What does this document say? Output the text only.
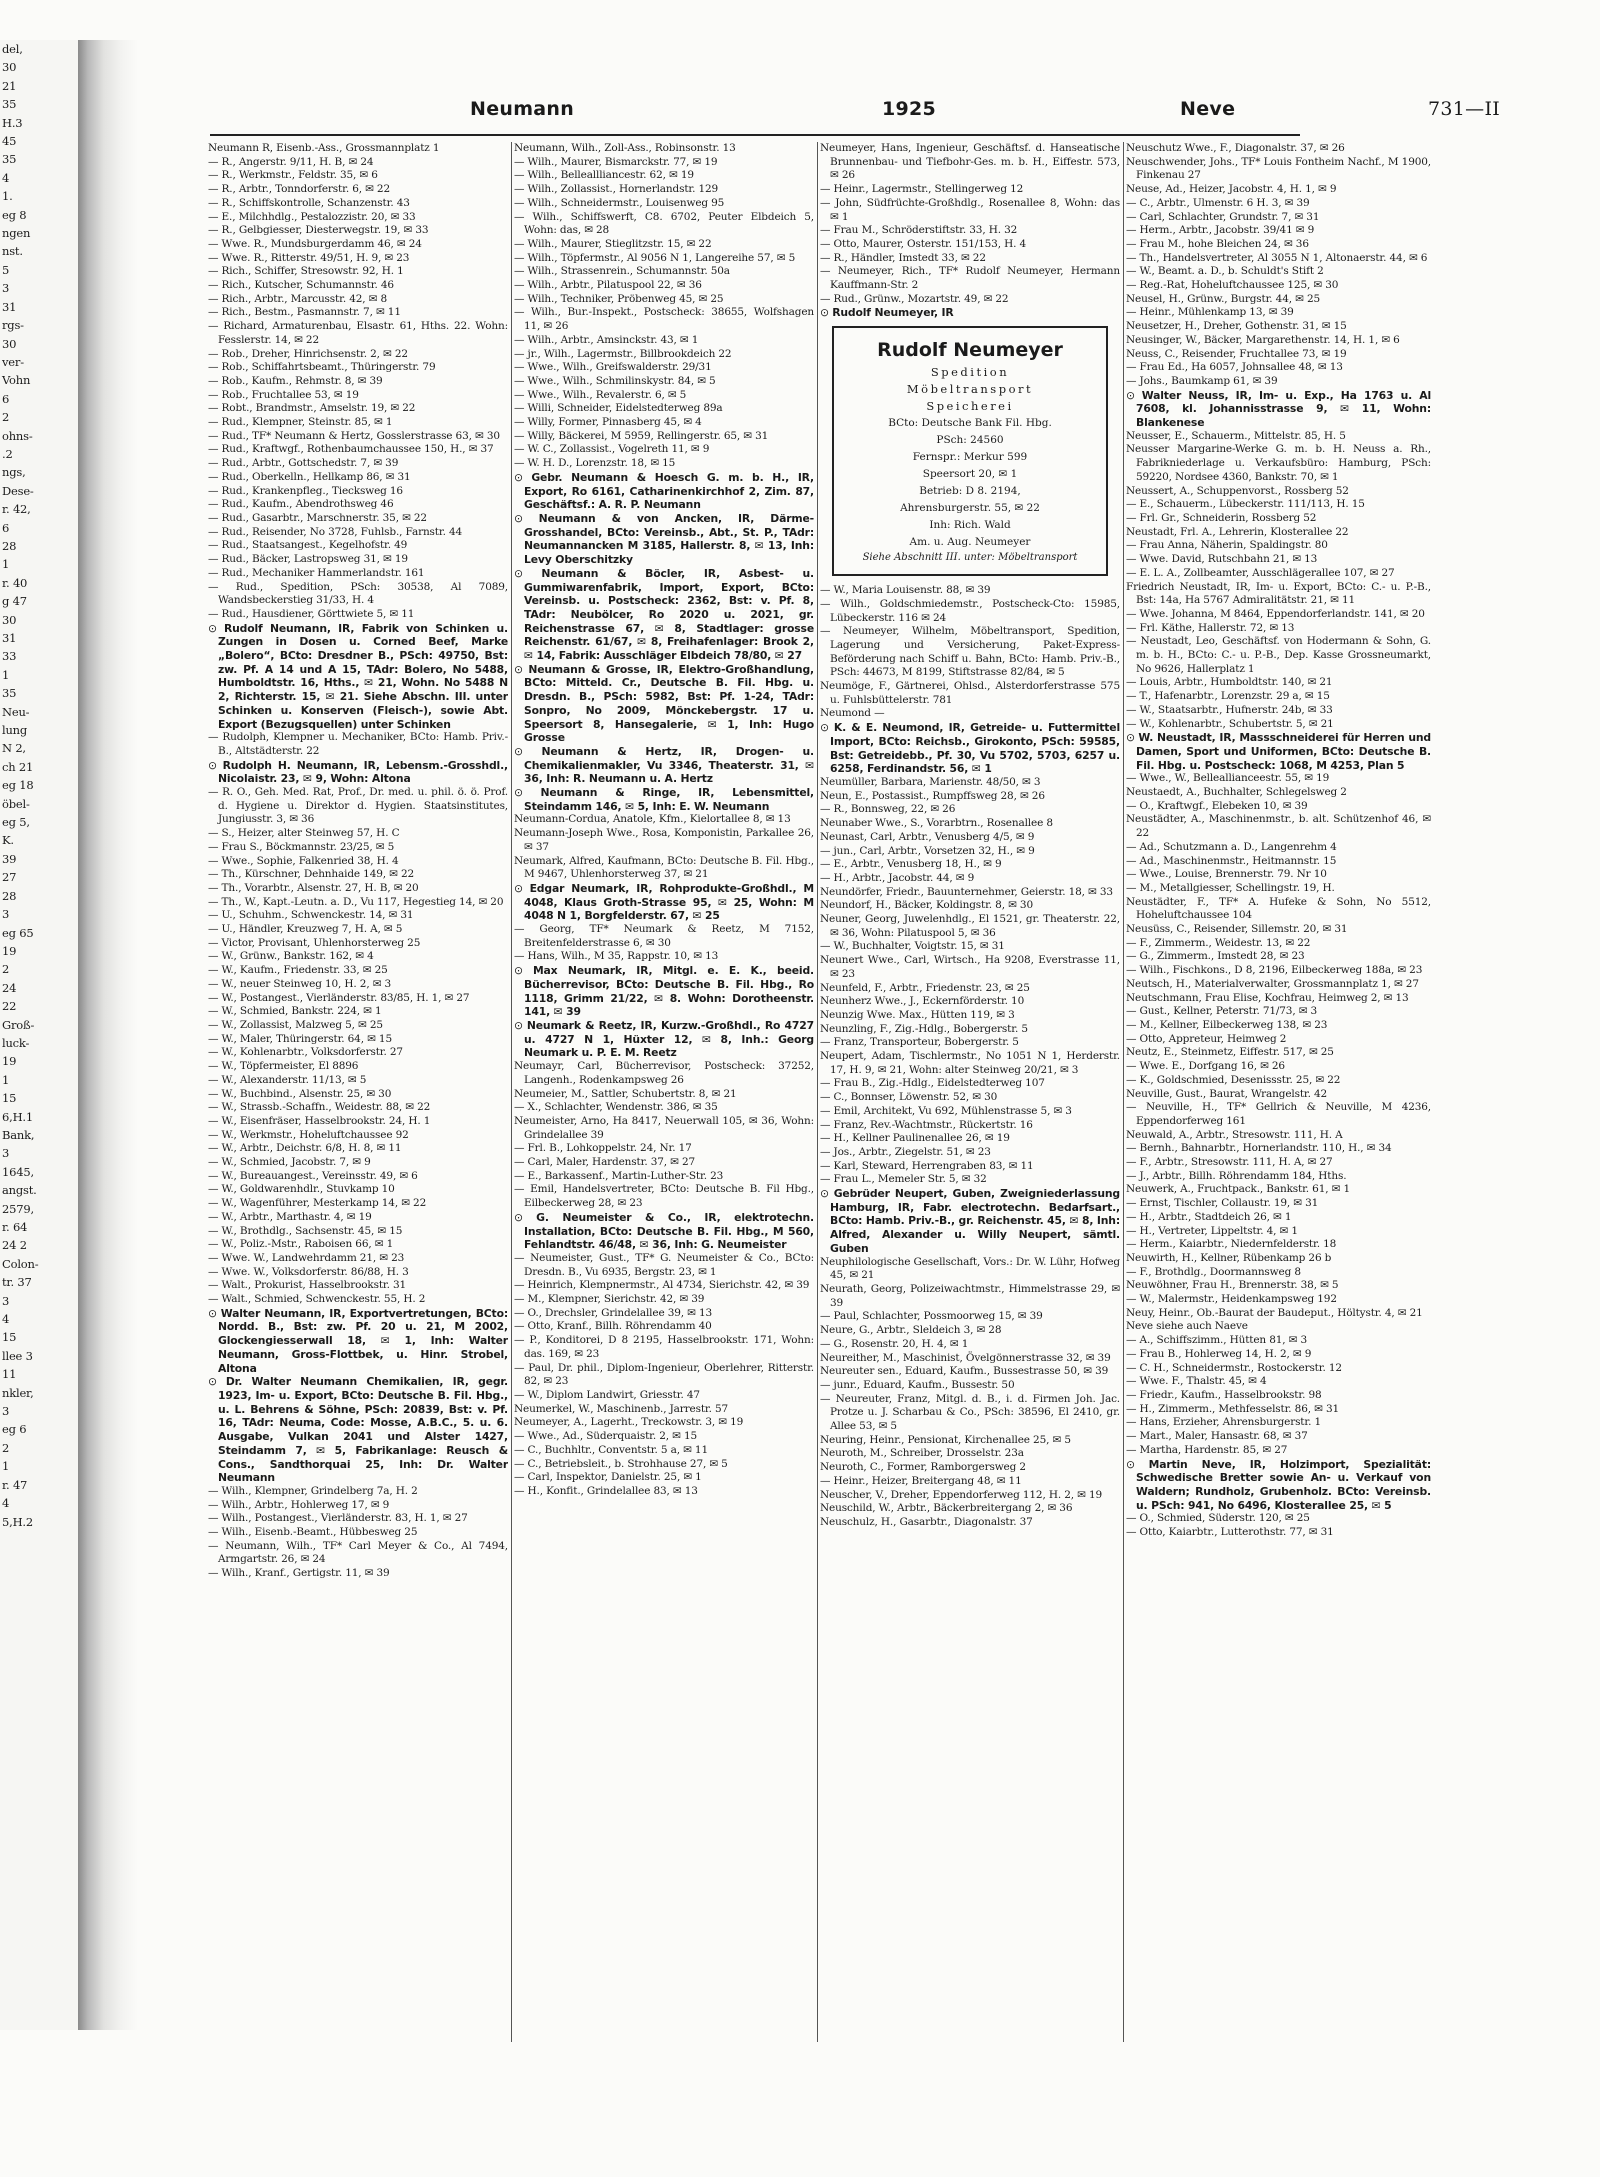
del,
30
21
35
H.3
45
35
4
1.
eg 8
ngen
nst.
5
3
31
rgs-
30
ver-
Vohn
6
2
ohns-
.2
ngs,
Dese-
r. 42,
6
28
1
r. 40
g 47
30
31
33
1
35
Neu-
lung
N 2,
ch 21
eg 18
öbel-
eg 5,
K.
39
27
28
3
eg 65
19
2
24
22
Groß-
luck-
19
1
15
6,H.1
Bank,
3
1645,
angst.
2579,
r. 64
24 2
Colon-
tr. 37
3
4
15
llee 3
11
nkler,
3
eg 6
2
1
r. 47
4
5,H.2
Neumann	1925	Neve	731—II

Neumann R, Eisenb.-Ass., Grossmannplatz 1

— R., Angerstr. 9/11, H. B, ✉ 24

— R., Werkmstr., Feldstr. 35, ✉ 6

— R., Arbtr., Tonndorferstr. 6, ✉ 22

— R., Schiffskontrolle, Schanzenstr. 43

— E., Milchhdlg., Pestalozzistr. 20, ✉ 33

— R., Gelbgiesser, Diesterwegstr. 19, ✉ 33

— Wwe. R., Mundsburgerdamm 46, ✉ 24

— Wwe. R., Ritterstr. 49/51, H. 9, ✉ 23

— Rich., Schiffer, Stresowstr. 92, H. 1

— Rich., Kutscher, Schumannstr. 46

— Rich., Arbtr., Marcusstr. 42, ✉ 8

— Rich., Bestm., Pasmannstr. 7, ✉ 11

— Richard, Armaturenbau, Elsastr. 61, Hths. 22. Wohn: Fesslerstr. 14, ✉ 22

— Rob., Dreher, Hinrichsenstr. 2, ✉ 22

— Rob., Schiffahrtsbeamt., Thüringerstr. 79

— Rob., Kaufm., Rehmstr. 8, ✉ 39

— Rob., Fruchtallee 53, ✉ 19

— Robt., Brandmstr., Amselstr. 19, ✉ 22

— Rud., Klempner, Steinstr. 85, ✉ 1

— Rud., TF* Neumann & Hertz, Gosslerstrasse 63, ✉ 30

— Rud., Kraftwgf., Rothenbaumchaussee 150, H., ✉ 37

— Rud., Arbtr., Gottschedstr. 7, ✉ 39

— Rud., Oberkelln., Hellkamp 86, ✉ 31

— Rud., Krankenpfleg., Tiecksweg 16

— Rud., Kaufm., Abendrothsweg 46

— Rud., Gasarbtr., Marschnerstr. 35, ✉ 22

— Rud., Reisender, No 3728, Fuhlsb., Farnstr. 44

— Rud., Staatsangest., Kegelhofstr. 49

— Rud., Bäcker, Lastropsweg 31, ✉ 19

— Rud., Mechaniker Hammerlandstr. 161

— Rud., Spedition, PSch: 30538, Al 7089, Wandsbeckerstieg 31/33, H. 4

— Rud., Hausdiener, Görttwiete 5, ✉ 11

⊙ Rudolf Neumann, IR, Fabrik von Schinken u. Zungen in Dosen u. Corned Beef, Marke „Bolero“, BCto: Dresdner B., PSch: 49750, Bst: zw. Pf. A 14 und A 15, TAdr: Bolero, No 5488, Humboldtstr. 16, Hths., ✉ 21, Wohn. No 5488 N 2, Richterstr. 15, ✉ 21. Siehe Abschn. III. unter Schinken u. Konserven (Fleisch-), sowie Abt. Export (Bezugsquellen) unter Schinken

— Rudolph, Klempner u. Mechaniker, BCto: Hamb. Priv.-B., Altstädterstr. 22

⊙ Rudolph H. Neumann, IR, Lebensm.-Grosshdl., Nicolaistr. 23, ✉ 9, Wohn: Altona

— R. O., Geh. Med. Rat, Prof., Dr. med. u. phil. ö. ö. Prof. d. Hygiene u. Direktor d. Hygien. Staatsinstitutes, Jungiusstr. 3, ✉ 36

— S., Heizer, alter Steinweg 57, H. C

— Frau S., Böckmannstr. 23/25, ✉ 5

— Wwe., Sophie, Falkenried 38, H. 4

— Th., Kürschner, Dehnhaide 149, ✉ 22

— Th., Vorarbtr., Alsenstr. 27, H. B, ✉ 20

— Th., W., Kapt.-Leutn. a. D., Vu 117, Hegestieg 14, ✉ 20

— U., Schuhm., Schwenckestr. 14, ✉ 31

— U., Händler, Kreuzweg 7, H. A, ✉ 5

— Victor, Provisant, Uhlenhorsterweg 25

— W., Grünw., Bankstr. 162, ✉ 4

— W., Kaufm., Friedenstr. 33, ✉ 25

— W., neuer Steinweg 10, H. 2, ✉ 3

— W., Postangest., Vierländerstr. 83/85, H. 1, ✉ 27

— W., Schmied, Bankstr. 224, ✉ 1

— W., Zollassist, Malzweg 5, ✉ 25

— W., Maler, Thüringerstr. 64, ✉ 15

— W., Kohlenarbtr., Volksdorferstr. 27

— W., Töpfermeister, El 8896

— W., Alexanderstr. 11/13, ✉ 5

— W., Buchbind., Alsenstr. 25, ✉ 30

— W., Strassb.-Schaffn., Weidestr. 88, ✉ 22

— W., Eisenfräser, Hasselbrookstr. 24, H. 1

— W., Werkmstr., Hoheluftchaussee 92

— W., Arbtr., Deichstr. 6/8, H. 8, ✉ 11

— W., Schmied, Jacobstr. 7, ✉ 9

— W., Bureauangest., Vereinsstr. 49, ✉ 6

— W., Goldwarenhdlr., Stuvkamp 10

— W., Wagenführer, Mesterkamp 14, ✉ 22

— W., Arbtr., Marthastr. 4, ✉ 19

— W., Brothdlg., Sachsenstr. 45, ✉ 15

— W., Poliz.-Mstr., Raboisen 66, ✉ 1

— Wwe. W., Landwehrdamm 21, ✉ 23

— Wwe. W., Volksdorferstr. 86/88, H. 3

— Walt., Prokurist, Hasselbrookstr. 31

— Walt., Schmied, Schwenckestr. 55, H. 2

⊙ Walter Neumann, IR, Exportvertretungen, BCto: Nordd. B., Bst: zw. Pf. 20 u. 21, M 2002, Glockengiesserwall 18, ✉ 1, Inh: Walter Neumann, Gross-Flottbek, u. Hinr. Strobel, Altona

⊙ Dr. Walter Neumann Chemikalien, IR, gegr. 1923, Im- u. Export, BCto: Deutsche B. Fil. Hbg., u. L. Behrens & Söhne, PSch: 20839, Bst: v. Pf. 16, TAdr: Neuma, Code: Mosse, A.B.C., 5. u. 6. Ausgabe, Vulkan 2041 und Alster 1427, Steindamm 7, ✉ 5, Fabrikanlage: Reusch & Cons., Sandthorquai 25, Inh: Dr. Walter Neumann

— Wilh., Klempner, Grindelberg 7a, H. 2

— Wilh., Arbtr., Hohlerweg 17, ✉ 9

— Wilh., Postangest., Vierländerstr. 83, H. 1, ✉ 27

— Wilh., Eisenb.-Beamt., Hübbesweg 25

— Neumann, Wilh., TF* Carl Meyer & Co., Al 7494, Armgartstr. 26, ✉ 24

— Wilh., Kranf., Gertigstr. 11, ✉ 39

Neumann, Wilh., Zoll-Ass., Robinsonstr. 13

— Wilh., Maurer, Bismarckstr. 77, ✉ 19

— Wilh., Belleallliancestr. 62, ✉ 19

— Wilh., Zollassist., Hornerlandstr. 129

— Wilh., Schneidermstr., Louisenweg 95

— Wilh., Schiffswerft, C8. 6702, Peuter Elbdeich 5, Wohn: das, ✉ 28

— Wilh., Maurer, Stieglitzstr. 15, ✉ 22

— Wilh., Töpfermstr., Al 9056 N 1, Langereihe 57, ✉ 5

— Wilh., Strassenrein., Schumannstr. 50a

— Wilh., Arbtr., Pilatuspool 22, ✉ 36

— Wilh., Techniker, Pröbenweg 45, ✉ 25

— Wilh., Bur.-Inspekt., Postscheck: 38655, Wolfshagen 11, ✉ 26

— Wilh., Arbtr., Amsinckstr. 43, ✉ 1

— jr., Wilh., Lagermstr., Billbrookdeich 22

— Wwe., Wilh., Greifswalderstr. 29/31

— Wwe., Wilh., Schmilinskystr. 84, ✉ 5

— Wwe., Wilh., Revalerstr. 6, ✉ 5

— Willi, Schneider, Eidelstedterweg 89a

— Willy, Former, Pinnasberg 45, ✉ 4

— Willy, Bäckerei, M 5959, Rellingerstr. 65, ✉ 31

— W. C., Zollassist., Vogelreth 11, ✉ 9

— W. H. D., Lorenzstr. 18, ✉ 15

⊙ Gebr. Neumann & Hoesch G. m. b. H., IR, Export, Ro 6161, Catharinenkirchhof 2, Zim. 87, Geschäftsf.: A. R. P. Neumann

⊙ Neumann & von Ancken, IR, Därme-Grosshandel, BCto: Vereinsb., Abt., St. P., TAdr: Neumannancken M 3185, Hallerstr. 8, ✉ 13, Inh: Levy Oberschitzky

⊙ Neumann & Böcler, IR, Asbest- u. Gummiwarenfabrik, Import, Export, BCto: Vereinsb. u. Postscheck: 2362, Bst: v. Pf. 8, TAdr: Neubölcer, Ro 2020 u. 2021, gr. Reichenstrasse 67, ✉ 8, Stadtlager: grosse Reichenstr. 61/67, ✉ 8, Freihafenlager: Brook 2, ✉ 14, Fabrik: Ausschläger Elbdeich 78/80, ✉ 27

⊙ Neumann & Grosse, IR, Elektro-Großhandlung, BCto: Mitteld. Cr., Deutsche B. Fil. Hbg. u. Dresdn. B., PSch: 5982, Bst: Pf. 1-24, TAdr: Sonpro, No 2009, Mönckebergstr. 17 u. Speersort 8, Hansegalerie, ✉ 1, Inh: Hugo Grosse

⊙ Neumann & Hertz, IR, Drogen- u. Chemikalienmakler, Vu 3346, Theaterstr. 31, ✉ 36, Inh: R. Neumann u. A. Hertz

⊙ Neumann & Ringe, IR, Lebensmittel, Steindamm 146, ✉ 5, Inh: E. W. Neumann

Neumann-Cordua, Anatole, Kfm., Kielortallee 8, ✉ 13

Neumann-Joseph Wwe., Rosa, Komponistin, Parkallee 26, ✉ 37

Neumark, Alfred, Kaufmann, BCto: Deutsche B. Fil. Hbg., M 9467, Uhlenhorsterweg 37, ✉ 21

⊙ Edgar Neumark, IR, Rohprodukte-Großhdl., M 4048, Klaus Groth-Strasse 95, ✉ 25, Wohn: M 4048 N 1, Borgfelderstr. 67, ✉ 25

— Georg, TF* Neumark & Reetz, M 7152, Breitenfelderstrasse 6, ✉ 30

— Hans, Wilh., M 35, Rappstr. 10, ✉ 13

⊙ Max Neumark, IR, Mitgl. e. E. K., beeid. Bücherrevisor, BCto: Deutsche B. Fil. Hbg., Ro 1118, Grimm 21/22, ✉ 8. Wohn: Dorotheenstr. 141, ✉ 39

⊙ Neumark & Reetz, IR, Kurzw.-Großhdl., Ro 4727 u. 4727 N 1, Hüxter 12, ✉ 8, Inh.: Georg Neumark u. P. E. M. Reetz

Neumayr, Carl, Bücherrevisor, Postscheck: 37252, Langenh., Rodenkampsweg 26

Neumeier, M., Sattler, Schubertstr. 8, ✉ 21

— X., Schlachter, Wendenstr. 386, ✉ 35

Neumeister, Arno, Ha 8417, Neuerwall 105, ✉ 36, Wohn: Grindelallee 39

— Frl. B., Lohkoppelstr. 24, Nr. 17

— Carl, Maler, Hardenstr. 37, ✉ 27

— E., Barkassenf., Martin-Luther-Str. 23

— Emil, Handelsvertreter, BCto: Deutsche B. Fil Hbg., Eilbeckerweg 28, ✉ 23

⊙ G. Neumeister & Co., IR, elektrotechn. Installation, BCto: Deutsche B. Fil. Hbg., M 560, Fehlandtstr. 46/48, ✉ 36, Inh: G. Neumeister

— Neumeister, Gust., TF* G. Neumeister & Co., BCto: Dresdn. B., Vu 6935, Bergstr. 23, ✉ 1

— Heinrich, Klempnermstr., Al 4734, Sierichstr. 42, ✉ 39

— M., Klempner, Sierichstr. 42, ✉ 39

— O., Drechsler, Grindelallee 39, ✉ 13

— Otto, Kranf., Billh. Röhrendamm 40

— P., Konditorei, D 8 2195, Hasselbrookstr. 171, Wohn: das. 169, ✉ 23

— Paul, Dr. phil., Diplom-Ingenieur, Oberlehrer, Ritterstr. 82, ✉ 23

— W., Diplom Landwirt, Griesstr. 47

Neumerkel, W., Maschinenb., Jarrestr. 57

Neumeyer, A., Lagerht., Treckowstr. 3, ✉ 19

— Wwe., Ad., Süderquaistr. 2, ✉ 15

— C., Buchhltr., Conventstr. 5 a, ✉ 11

— C., Betriebsleit., b. Strohhause 27, ✉ 5

— Carl, Inspektor, Danielstr. 25, ✉ 1

— H., Konfit., Grindelallee 83, ✉ 13

Neumeyer, Hans, Ingenieur, Geschäftsf. d. Hanseatische Brunnenbau- und Tiefbohr-Ges. m. b. H., Eiffestr. 573, ✉ 26

— Heinr., Lagermstr., Stellingerweg 12

— John, Südfrüchte-Großhdlg., Rosenallee 8, Wohn: das ✉ 1

— Frau M., Schröderstiftstr. 33, H. 32

— Otto, Maurer, Osterstr. 151/153, H. 4

— R., Händler, Imstedt 33, ✉ 22

— Neumeyer, Rich., TF* Rudolf Neumeyer, Hermann Kauffmann-Str. 2

— Rud., Grünw., Mozartstr. 49, ✉ 22

⊙ Rudolf Neumeyer, IR

Rudolf Neumeyer
Spedition
Möbeltransport
Speicherei
BCto: Deutsche Bank Fil. Hbg.
PSch: 24560
Fernspr.: Merkur 599
Speersort 20, ✉ 1
Betrieb: D 8. 2194,
Ahrensburgerstr. 55, ✉ 22
Inh: Rich. Wald
Am. u. Aug. Neumeyer
Siehe Abschnitt III. unter: Möbeltransport

— W., Maria Louisenstr. 88, ✉ 39

— Wilh., Goldschmiedemstr., Postscheck-Cto: 15985, Lübeckerstr. 116 ✉ 24

— Neumeyer, Wilhelm, Möbeltransport, Spedition, Lagerung und Versicherung, Paket-Express-Beförderung nach Schiff u. Bahn, BCto: Hamb. Priv.-B., PSch: 44673, M 8199, Stiftstrasse 82/84, ✉ 5

Neumöge, F., Gärtnerei, Ohlsd., Alsterdorferstrasse 575 u. Fuhlsbüttelerstr. 781

Neumond —

⊙ K. & E. Neumond, IR, Getreide- u. Futtermittel Import, BCto: Reichsb., Girokonto, PSch: 59585, Bst: Getreidebb., Pf. 30, Vu 5702, 5703, 6257 u. 6258, Ferdinandstr. 56, ✉ 1

Neumüller, Barbara, Marienstr. 48/50, ✉ 3

Neun, E., Postassist., Rumpffsweg 28, ✉ 26

— R., Bonnsweg, 22, ✉ 26

Neunaber Wwe., S., Vorarbtrn., Rosenallee 8

Neunast, Carl, Arbtr., Venusberg 4/5, ✉ 9

— jun., Carl, Arbtr., Vorsetzen 32, H., ✉ 9

— E., Arbtr., Venusberg 18, H., ✉ 9

— H., Arbtr., Jacobstr. 44, ✉ 9

Neundörfer, Friedr., Bauunternehmer, Geierstr. 18, ✉ 33

Neundorf, H., Bäcker, Koldingstr. 8, ✉ 30

Neuner, Georg, Juwelenhdlg., El 1521, gr. Theaterstr. 22, ✉ 36, Wohn: Pilatuspool 5, ✉ 36

— W., Buchhalter, Voigtstr. 15, ✉ 31

Neunert Wwe., Carl, Wirtsch., Ha 9208, Everstrasse 11, ✉ 23

Neunfeld, F., Arbtr., Friedenstr. 23, ✉ 25

Neunherz Wwe., J., Eckernförderstr. 10

Neunzig Wwe. Max., Hütten 119, ✉ 3

Neunzling, F., Zig.-Hdlg., Bobergerstr. 5

— Franz, Transporteur, Bobergerstr. 5

Neupert, Adam, Tischlermstr., No 1051 N 1, Herderstr. 17, H. 9, ✉ 21, Wohn: alter Steinweg 20/21, ✉ 3

— Frau B., Zig.-Hdlg., Eidelstedterweg 107

— C., Bonnser, Löwenstr. 52, ✉ 30

— Emil, Architekt, Vu 692, Mühlenstrasse 5, ✉ 3

— Franz, Rev.-Wachtmstr., Rückertstr. 16

— H., Kellner Paulinenallee 26, ✉ 19

— Jos., Arbtr., Ziegelstr. 51, ✉ 23

— Karl, Steward, Herrengraben 83, ✉ 11

— Frau L., Memeler Str. 5, ✉ 32

⊙ Gebrüder Neupert, Guben, Zweigniederlassung Hamburg, IR, Fabr. electrotechn. Bedarfsart., BCto: Hamb. Priv.-B., gr. Reichenstr. 45, ✉ 8, Inh: Alfred, Alexander u. Willy Neupert, sämtl. Guben

Neuphilologische Gesellschaft, Vors.: Dr. W. Lühr, Hofweg 45, ✉ 21

Neurath, Georg, Polizeiwachtmstr., Himmelstrasse 29, ✉ 39

— Paul, Schlachter, Possmoorweg 15, ✉ 39

Neure, G., Arbtr., Sleldeich 3, ✉ 28

— G., Rosenstr. 20, H. 4, ✉ 1

Neureither, M., Maschinist, Övelgönnerstrasse 32, ✉ 39

Neureuter sen., Eduard, Kaufm., Bussestrasse 50, ✉ 39

— junr., Eduard, Kaufm., Bussestr. 50

— Neureuter, Franz, Mitgl. d. B., i. d. Firmen Joh. Jac. Protze u. J. Scharbau & Co., PSch: 38596, El 2410, gr. Allee 53, ✉ 5

Neuring, Heinr., Pensionat, Kirchenallee 25, ✉ 5

Neuroth, M., Schreiber, Drosselstr. 23a

Neuroth, C., Former, Ramborgersweg 2

— Heinr., Heizer, Breitergang 48, ✉ 11

Neuscher, V., Dreher, Eppendorferweg 112, H. 2, ✉ 19

Neuschild, W., Arbtr., Bäckerbreitergang 2, ✉ 36

Neuschulz, H., Gasarbtr., Diagonalstr. 37

Neuschutz Wwe., F., Diagonalstr. 37, ✉ 26

Neuschwender, Johs., TF* Louis Fontheim Nachf., M 1900, Finkenau 27

Neuse, Ad., Heizer, Jacobstr. 4, H. 1, ✉ 9

— C., Arbtr., Ulmenstr. 6 H. 3, ✉ 39

— Carl, Schlachter, Grundstr. 7, ✉ 31

— Herm., Arbtr., Jacobstr. 39/41 ✉ 9

— Frau M., hohe Bleichen 24, ✉ 36

— Th., Handelsvertreter, Al 3055 N 1, Altonaerstr. 44, ✉ 6

— W., Beamt. a. D., b. Schuldt's Stift 2

— Reg.-Rat, Hoheluftchaussee 125, ✉ 30

Neusel, H., Grünw., Burgstr. 44, ✉ 25

— Heinr., Mühlenkamp 13, ✉ 39

Neusetzer, H., Dreher, Gothenstr. 31, ✉ 15

Neusinger, W., Bäcker, Margarethenstr. 14, H. 1, ✉ 6

Neuss, C., Reisender, Fruchtallee 73, ✉ 19

— Frau Ed., Ha 6057, Johnsallee 48, ✉ 13

— Johs., Baumkamp 61, ✉ 39

⊙ Walter Neuss, IR, Im- u. Exp., Ha 1763 u. Al 7608, kl. Johannisstrasse 9, ✉ 11, Wohn: Blankenese

Neusser, E., Schauerm., Mittelstr. 85, H. 5

Neusser Margarine-Werke G. m. b. H. Neuss a. Rh., Fabrikniederlage u. Verkaufsbüro: Hamburg, PSch: 59220, Nordsee 4360, Bankstr. 70, ✉ 1

Neussert, A., Schuppenvorst., Rossberg 52

— E., Schauerm., Lübeckerstr. 111/113, H. 15

— Frl. Gr., Schneiderin, Rossberg 52

Neustadt, Frl. A., Lehrerin, Klosterallee 22

— Frau Anna, Näherin, Spaldingstr. 80

— Wwe. David, Rutschbahn 21, ✉ 13

— E. L. A., Zollbeamter, Ausschlägerallee 107, ✉ 27

Friedrich Neustadt, IR, Im- u. Export, BCto: C.- u. P.-B., Bst: 14a, Ha 5767 Admiralitätstr. 21, ✉ 11

— Wwe. Johanna, M 8464, Eppendorferlandstr. 141, ✉ 20

— Frl. Käthe, Hallerstr. 72, ✉ 13

— Neustadt, Leo, Geschäftsf. von Hodermann & Sohn, G. m. b. H., BCto: C.- u. P.-B., Dep. Kasse Grossneumarkt, No 9626, Hallerplatz 1

— Louis, Arbtr., Humboldtstr. 140, ✉ 21

— T., Hafenarbtr., Lorenzstr. 29 a, ✉ 15

— W., Staatsarbtr., Hufnerstr. 24b, ✉ 33

— W., Kohlenarbtr., Schubertstr. 5, ✉ 21

⊙ W. Neustadt, IR, Massschneiderei für Herren und Damen, Sport und Uniformen, BCto: Deutsche B. Fil. Hbg. u. Postscheck: 1068, M 4253, Plan 5

— Wwe., W., Belleallianceestr. 55, ✉ 19

Neustaedt, A., Buchhalter, Schlegelsweg 2

— O., Kraftwgf., Elebeken 10, ✉ 39

Neustädter, A., Maschinenmstr., b. alt. Schützenhof 46, ✉ 22

— Ad., Schutzmann a. D., Langenrehm 4

— Ad., Maschinenmstr., Heitmannstr. 15

— Wwe., Louise, Brennerstr. 79. Nr 10

— M., Metallgiesser, Schellingstr. 19, H.

Neustädter, F., TF* A. Hufeke & Sohn, No 5512, Hoheluftchaussee 104

Neusüss, C., Reisender, Sillemstr. 20, ✉ 31

— F., Zimmerm., Weidestr. 13, ✉ 22

— G., Zimmerm., Imstedt 28, ✉ 23

— Wilh., Fischkons., D 8, 2196, Eilbeckerweg 188a, ✉ 23

Neutsch, H., Materialverwalter, Grossmannplatz 1, ✉ 27

Neutschmann, Frau Elise, Kochfrau, Heimweg 2, ✉ 13

— Gust., Kellner, Peterstr. 71/73, ✉ 3

— M., Kellner, Eilbeckerweg 138, ✉ 23

— Otto, Appreteur, Heimweg 2

Neutz, E., Steinmetz, Eiffestr. 517, ✉ 25

— Wwe. E., Dorfgang 16, ✉ 26

— K., Goldschmied, Desenissstr. 25, ✉ 22

Neuville, Gust., Baurat, Wrangelstr. 42

— Neuville, H., TF* Gellrich & Neuville, M 4236, Eppendorferweg 161

Neuwald, A., Arbtr., Stresowstr. 111, H. A

— Bernh., Bahnarbtr., Hornerlandstr. 110, H., ✉ 34

— F., Arbtr., Stresowstr. 111, H. A, ✉ 27

— J., Arbtr., Billh. Röhrendamm 184, Hths.

Neuwerk, A., Fruchtpack., Bankstr. 61, ✉ 1

— Ernst, Tischler, Collaustr. 19, ✉ 31

— H., Arbtr., Stadtdeich 26, ✉ 1

— H., Vertreter, Lippeltstr. 4, ✉ 1

— Herm., Kaiarbtr., Niedernfelderstr. 18

Neuwirth, H., Kellner, Rübenkamp 26 b

— F., Brothdlg., Doormannsweg 8

Neuwöhner, Frau H., Brennerstr. 38, ✉ 5

— W., Malermstr., Heidenkampsweg 192

Neuy, Heinr., Ob.-Baurat der Baudeput., Höltystr. 4, ✉ 21

Neve siehe auch Naeve

— A., Schiffszimm., Hütten 81, ✉ 3

— Frau B., Hohlerweg 14, H. 2, ✉ 9

— C. H., Schneidermstr., Rostockerstr. 12

— Wwe. F., Thalstr. 45, ✉ 4

— Friedr., Kaufm., Hasselbrookstr. 98

— H., Zimmerm., Methfesselstr. 86, ✉ 31

— Hans, Erzieher, Ahrensburgerstr. 1

— Mart., Maler, Hansastr. 68, ✉ 37

— Martha, Hardenstr. 85, ✉ 27

⊙ Martin Neve, IR, Holzimport, Spezialität: Schwedische Bretter sowie An- u. Verkauf von Waldern; Rundholz, Grubenholz. BCto: Vereinsb. u. PSch: 941, No 6496, Klosterallee 25, ✉ 5

— O., Schmied, Süderstr. 120, ✉ 25

— Otto, Kaiarbtr., Lutterothstr. 77, ✉ 31
